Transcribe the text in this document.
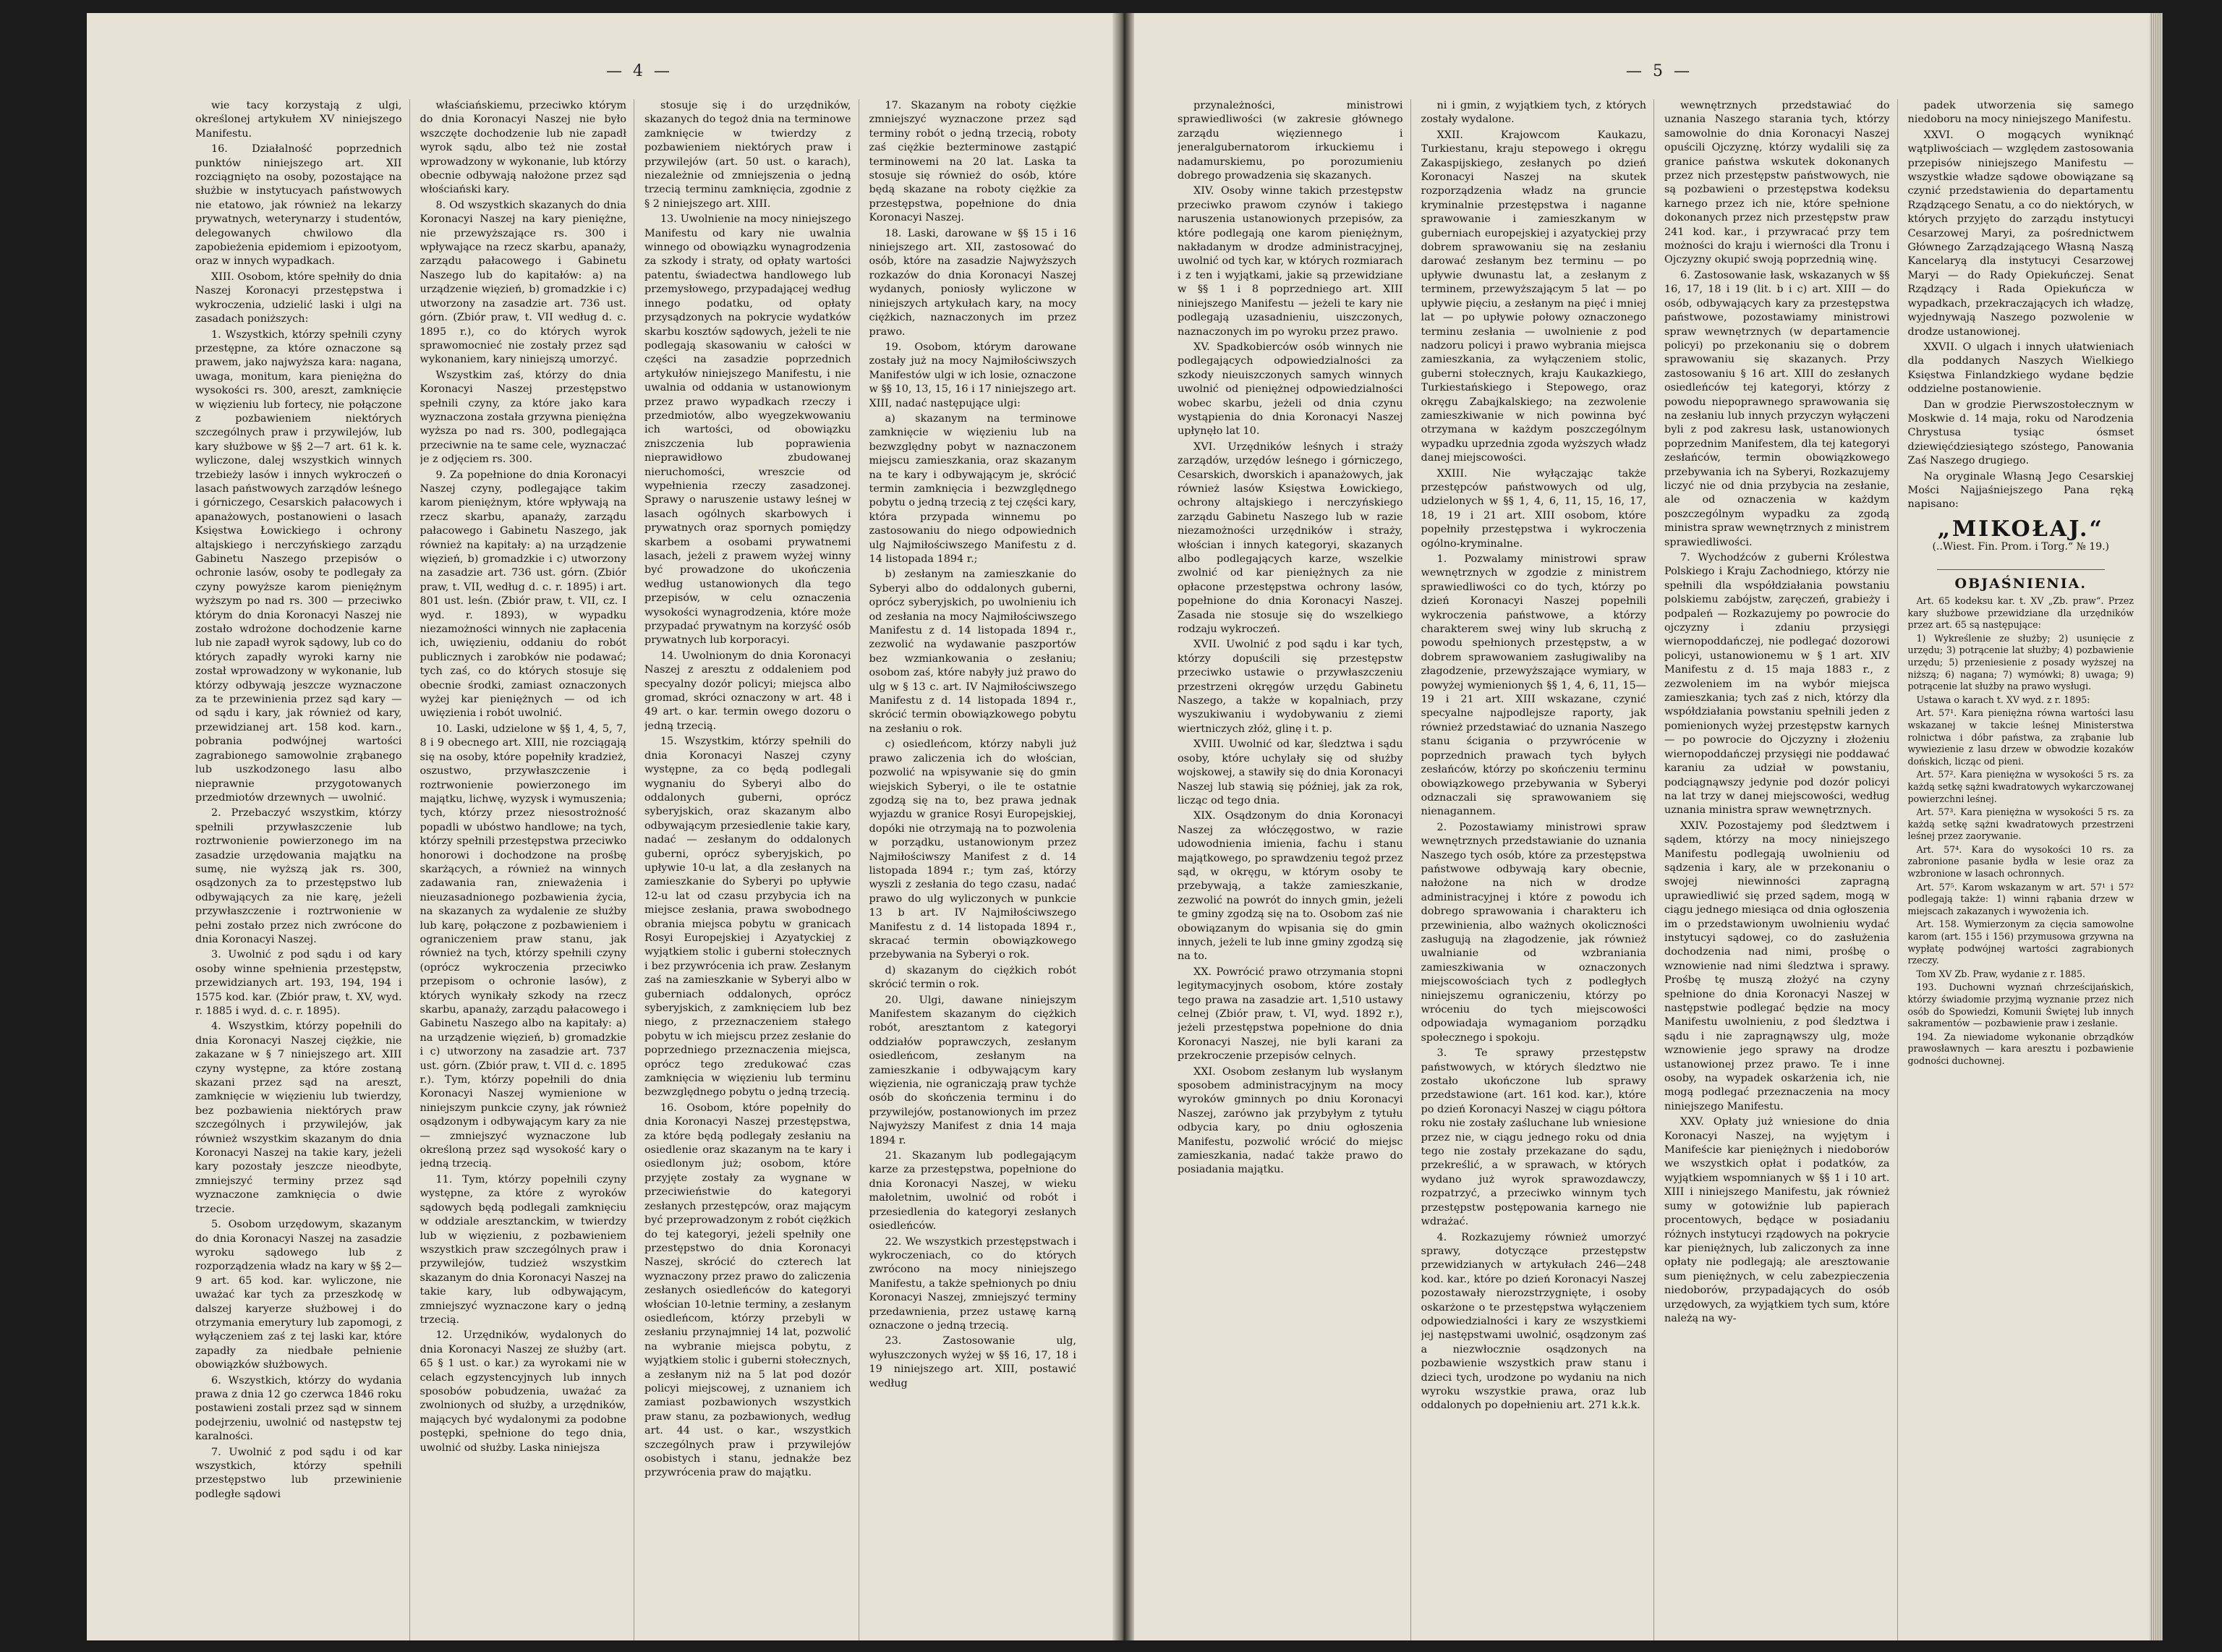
— 4 —

wie tacy korzystają z ulgi, określonej artykułem XV niniejszego Manifestu.

16. Działalność poprzednich punktów niniejszego art. XII rozciągnięto na osoby, pozostające na służbie w instytucyach państwowych nie etatowo, jak również na lekarzy prywatnych, weterynarzy i studentów, delegowanych chwilowo dla zapobieżenia epidemiom i epizootyom, oraz w innych wypadkach.

XIII. Osobom, które spełniły do dnia Naszej Koronacyi przestępstwa i wykroczenia, udzielić laski i ulgi na zasadach poniższych:

1. Wszystkich, którzy spełnili czyny przestępne, za które oznaczone są prawem, jako najwyższa kara: nagana, uwaga, monitum, kara pieniężna do wysokości rs. 300, areszt, zamknięcie w więzieniu lub fortecy, nie połączone z pozbawieniem niektórych szczególnych praw i przywilejów, lub kary służbowe w §§ 2—7 art. 61 k. k. wyliczone, dalej wszystkich winnych trzebieży lasów i innych wykroczeń o lasach państwowych zarządów leśnego i górniczego, Cesarskich pałacowych i apanażowych, postanowieni o lasach Księstwa Łowickiego i ochrony altajskiego i nerczyńskiego zarządu Gabinetu Naszego przepisów o ochronie lasów, osoby te podlegały za czyny powyższe karom pieniężnym wyższym po nad rs. 300 — przeciwko którym do dnia Koronacyi Naszej nie zostało wdrożone dochodzenie karne lub nie zapadł wyrok sądowy, lub co do których zapadły wyroki karny nie został wprowadzony w wykonanie, lub którzy odbywają jeszcze wyznaczone za te przewinienia przez sąd kary — od sądu i kary, jak również od kary, przewidzianej art. 158 kod. karn., pobrania podwójnej wartości zagrabionego samowolnie zrąbanego lub uszkodzonego lasu albo nieprawnie przygotowanych przedmiotów drzewnych — uwolnić.

2. Przebaczyć wszystkim, którzy spełnili przywłaszczenie lub roztrwonienie powierzonego im na zasadzie urzędowania majątku na sumę, nie wyższą jak rs. 300, osądzonych za to przestępstwo lub odbywających za nie karę, jeżeli przywłaszczenie i roztrwonienie w pełni zostało przez nich zwrócone do dnia Koronacyi Naszej.

3. Uwolnić z pod sądu i od kary osoby winne spełnienia przestępstw, przewidzianych art. 193, 194, 194 i 1575 kod. kar. (Zbiór praw, t. XV, wyd. r. 1885 i wyd. d. c. r. 1895).

4. Wszystkim, którzy popełnili do dnia Koronacyi Naszej ciężkie, nie zakazane w § 7 niniejszego art. XIII czyny występne, za które zostaną skazani przez sąd na areszt, zamknięcie w więzieniu lub twierdzy, bez pozbawienia niektórych praw szczególnych i przywilejów, jak również wszystkim skazanym do dnia Koronacyi Naszej na takie kary, jeżeli kary pozostały jeszcze nieodbyte, zmniejszyć terminy przez sąd wyznaczone zamknięcia o dwie trzecie.

5. Osobom urzędowym, skazanym do dnia Koronacyi Naszej na zasadzie wyroku sądowego lub z rozporządzenia władz na kary w §§ 2—9 art. 65 kod. kar. wyliczone, nie uważać kar tych za przeszkodę w dalszej karyerze służbowej i do otrzymania emerytury lub zapomogi, z wyłączeniem zaś z tej laski kar, które zapadły za niedbałe pełnienie obowiązków służbowych.

6. Wszystkich, którzy do wydania prawa z dnia 12 go czerwca 1846 roku postawieni zostali przez sąd w sinnem podejrzeniu, uwolnić od następstw tej karalności.

7. Uwolnić z pod sądu i od kar wszystkich, którzy spełnili przestępstwo lub przewinienie podległe sądowi

właściańskiemu, przeciwko którym do dnia Koronacyi Naszej nie było wszczęte dochodzenie lub nie zapadł wyrok sądu, albo też nie został wprowadzony w wykonanie, lub którzy obecnie odbywają nałożone przez sąd włościański kary.

8. Od wszystkich skazanych do dnia Koronacyi Naszej na kary pieniężne, nie przewyższające rs. 300 i wpływające na rzecz skarbu, apanaży, zarządu pałacowego i Gabinetu Naszego lub do kapitałów: a) na urządzenie więzień, b) gromadzkie i c) utworzony na zasadzie art. 736 ust. górn. (Zbiór praw, t. VII według d. c. 1895 r.), co do których wyrok sprawomocnieć nie zostały przez sąd wykonaniem, kary niniejszą umorzyć.

Wszystkim zaś, którzy do dnia Koronacyi Naszej przestępstwo spełnili czyny, za które jako kara wyznaczona została grzywna pieniężna wyższa po nad rs. 300, podlegająca przeciwnie na te same cele, wyznaczać je z odjęciem rs. 300.

9. Za popełnione do dnia Koronacyi Naszej czyny, podlegające takim karom pieniężnym, które wpływają na rzecz skarbu, apanaży, zarządu pałacowego i Gabinetu Naszego, jak również na kapitały: a) na urządzenie więzień, b) gromadzkie i c) utworzony na zasadzie art. 736 ust. górn. (Zbiór praw, t. VII, według d. c. r. 1895) i art. 801 ust. leśn. (Zbiór praw, t. VII, cz. I wyd. r. 1893), w wypadku niezamożności winnych nie zapłacenia ich, uwięzieniu, oddaniu do robót publicznych i zarobków nie podawać; tych zaś, co do których stosuje się obecnie środki, zamiast oznaczonych wyżej kar pieniężnych — od ich uwięzienia i robót uwolnić.

10. Laski, udzielone w §§ 1, 4, 5, 7, 8 i 9 obecnego art. XIII, nie rozciągają się na osoby, które popełniły kradzież, oszustwo, przywłaszczenie i roztrwonienie powierzonego im majątku, lichwę, wyzysk i wymuszenia; tych, którzy przez niesostrożność popadli w ubóstwo handlowe; na tych, którzy spełnili przestępstwa przeciwko honorowi i dochodzone na prośbę skarżących, a również na winnych zadawania ran, znieważenia i nieuzasadnionego pozbawienia życia, na skazanych za wydalenie ze służby lub karę, połączone z pozbawieniem i ograniczeniem praw stanu, jak również na tych, którzy spełnili czyny (oprócz wykroczenia przeciwko przepisom o ochronie lasów), z których wynikały szkody na rzecz skarbu, apanaży, zarządu pałacowego i Gabinetu Naszego albo na kapitały: a) na urządzenie więzień, b) gromadzkie i c) utworzony na zasadzie art. 737 ust. górn. (Zbiór praw, t. VII d. c. 1895 r.). Tym, którzy popełnili do dnia Koronacyi Naszej wymienione w niniejszym punkcie czyny, jak również osądzonym i odbywającym kary za nie — zmniejszyć wyznaczone lub określoną przez sąd wysokość kary o jedną trzecią.

11. Tym, którzy popełnili czyny występne, za które z wyroków sądowych będą podlegali zamknięciu w oddziale aresztanckim, w twierdzy lub w więzieniu, z pozbawieniem wszystkich praw szczególnych praw i przywilejów, tudzież wszystkim skazanym do dnia Koronacyi Naszej na takie kary, lub odbywającym, zmniejszyć wyznaczone kary o jedną trzecią.

12. Urzędników, wydalonych do dnia Koronacyi Naszej ze służby (art. 65 § 1 ust. o kar.) za wyrokami nie w celach egzystencyjnych lub innych sposobów pobudzenia, uważać za zwolnionych od służby, a urzędników, mających być wydalonymi za podobne postępki, spełnione do tego dnia, uwolnić od służby. Laska niniejsza

stosuje się i do urzędników, skazanych do tegoż dnia na terminowe zamknięcie w twierdzy z pozbawieniem niektórych praw i przywilejów (art. 50 ust. o karach), niezależnie od zmniejszenia o jedną trzecią terminu zamknięcia, zgodnie z § 2 niniejszego art. XIII.

13. Uwolnienie na mocy niniejszego Manifestu od kary nie uwalnia winnego od obowiązku wynagrodzenia za szkody i straty, od opłaty wartości patentu, świadectwa handlowego lub przemysłowego, przypadającej według innego podatku, od opłaty przysądzonych na pokrycie wydatków skarbu kosztów sądowych, jeżeli te nie podlegają skasowaniu w całości w części na zasadzie poprzednich artykułów niniejszego Manifestu, i nie uwalnia od oddania w ustanowionym przez prawo wypadkach rzeczy i przedmiotów, albo wyegzekwowaniu ich wartości, od obowiązku zniszczenia lub poprawienia nieprawidłowo zbudowanej nieruchomości, wreszcie od wypełnienia rzeczy zasadzonej. Sprawy o naruszenie ustawy leśnej w lasach ogólnych skarbowych i prywatnych oraz spornych pomiędzy skarbem a osobami prywatnemi lasach, jeżeli z prawem wyżej winny być prowadzone do ukończenia według ustanowionych dla tego przepisów, w celu oznaczenia wysokości wynagrodzenia, które może przypadać prywatnym na korzyść osób prywatnych lub korporacyi.

14. Uwolnionym do dnia Koronacyi Naszej z aresztu z oddaleniem pod specyalny dozór policyi; miejsca albo gromad, skróci oznaczony w art. 48 i 49 art. o kar. termin owego dozoru o jedną trzecią.

15. Wszystkim, którzy spełnili do dnia Koronacyi Naszej czyny występne, za co będą podlegali wygnaniu do Syberyi albo do oddalonych guberni, oprócz syberyjskich, oraz skazanym albo odbywającym przesiedlenie takie kary, nadać — zesłanym do oddalonych guberni, oprócz syberyjskich, po upływie 10-u lat, a dla zesłanych na zamieszkanie do Syberyi po upływie 12-u lat od czasu przybycia ich na miejsce zesłania, prawa swobodnego obrania miejsca pobytu w granicach Rosyi Europejskiej i Azyatyckiej z wyjątkiem stolic i guberni stołecznych i bez przywrócenia ich praw. Zesłanym zaś na zamieszkanie w Syberyi albo w guberniach oddalonych, oprócz syberyjskich, z zamknięciem lub bez niego, z przeznaczeniem stałego pobytu w ich miejscu przez zesłanie do poprzedniego przeznaczenia miejsca, oprócz tego zredukować czas zamknięcia w więzieniu lub terminu bezwzględnego pobytu o jedną trzecią.

16. Osobom, które popełniły do dnia Koronacyi Naszej przestępstwa, za które będą podlegały zesłaniu na osiedlenie oraz skazanym na te kary i osiedlonym już; osobom, które przyjęte zostały za wygnane w przeciwieństwie do kategoryi zesłanych przestępców, oraz mającym być przeprowadzonym z robót ciężkich do tej kategoryi, jeżeli spełniły one przestępstwo do dnia Koronacyi Naszej, skrócić do czterech lat wyznaczony przez prawo do zaliczenia zesłanych osiedleńców do kategoryi włościan 10-letnie terminy, a zesłanym osiedleńcom, którzy przebyli w zesłaniu przynajmniej 14 lat, pozwolić na wybranie miejsca pobytu, z wyjątkiem stolic i guberni stołecznych, a zesłanym niż na 5 lat pod dozór policyi miejscowej, z uznaniem ich zamiast pozbawionych wszystkich praw stanu, za pozbawionych, według art. 44 ust. o kar., wszystkich szczególnych praw i przywilejów osobistych i stanu, jednakże bez przywrócenia praw do majątku.

17. Skazanym na roboty ciężkie zmniejszyć wyznaczone przez sąd terminy robót o jedną trzecią, roboty zaś ciężkie bezterminowe zastąpić terminowemi na 20 lat. Laska ta stosuje się również do osób, które będą skazane na roboty ciężkie za przestępstwa, popełnione do dnia Koronacyi Naszej.

18. Laski, darowane w §§ 15 i 16 niniejszego art. XII, zastosować do osób, które na zasadzie Najwyższych rozkazów do dnia Koronacyi Naszej wydanych, poniosły wyliczone w niniejszych artykułach kary, na mocy ciężkich, naznaczonych im przez prawo.

19. Osobom, którym darowane zostały już na mocy Najmiłościwszych Manifestów ulgi w ich losie, oznaczone w §§ 10, 13, 15, 16 i 17 niniejszego art. XIII, nadać następujące ulgi:

a) skazanym na terminowe zamknięcie w więzieniu lub na bezwzględny pobyt w naznaczonem miejscu zamieszkania, oraz skazanym na te kary i odbywającym je, skrócić termin zamknięcia i bezwzględnego pobytu o jedną trzecią z tej części kary, która przypada winnemu po zastosowaniu do niego odpowiednich ulg Najmiłościwszego Manifestu z d. 14 listopada 1894 r.;

b) zesłanym na zamieszkanie do Syberyi albo do oddalonych guberni, oprócz syberyjskich, po uwolnieniu ich od zesłania na mocy Najmiłościwszego Manifestu z d. 14 listopada 1894 r., zezwolić na wydawanie paszportów bez wzmiankowania o zesłaniu; osobom zaś, które nabyły już prawo do ulg w § 13 c. art. IV Najmiłościwszego Manifestu z d. 14 listopada 1894 r., skrócić termin obowiązkowego pobytu na zesłaniu o rok.

c) osiedleńcom, którzy nabyli już prawo zaliczenia ich do włościan, pozwolić na wpisywanie się do gmin wiejskich Syberyi, o ile te ostatnie zgodzą się na to, bez prawa jednak wyjazdu w granice Rosyi Europejskiej, dopóki nie otrzymają na to pozwolenia w porządku, ustanowionym przez Najmiłościwszy Manifest z d. 14 listopada 1894 r.; tym zaś, którzy wyszli z zesłania do tego czasu, nadać prawo do ulg wyliczonych w punkcie 13 b art. IV Najmiłościwszego Manifestu z d. 14 listopada 1894 r., skracać termin obowiązkowego przebywania na Syberyi o rok.

d) skazanym do ciężkich robót skrócić termin o rok.

20. Ulgi, dawane niniejszym Manifestem skazanym do ciężkich robót, aresztantom z kategoryi oddziałów poprawczych, zesłanym osiedleńcom, zesłanym na zamieszkanie i odbywającym kary więzienia, nie ograniczają praw tychże osób do skończenia terminu i do przywilejów, postanowionych im przez Najwyższy Manifest z dnia 14 maja 1894 r.

21. Skazanym lub podlegającym karze za przestępstwa, popełnione do dnia Koronacyi Naszej, w wieku małoletnim, uwolnić od robót i przesiedlenia do kategoryi zesłanych osiedleńców.

22. We wszystkich przestępstwach i wykroczeniach, co do których zwrócono na mocy niniejszego Manifestu, a także spełnionych po dniu Koronacyi Naszej, zmniejszyć terminy przedawnienia, przez ustawę karną oznaczone o jedną trzecią.

23. Zastosowanie ulg, wyłuszczonych wyżej w §§ 16, 17, 18 i 19 niniejszego art. XIII, postawić według

— 5 —

przynależności, ministrowi sprawiedliwości (w zakresie głównego zarządu więziennego i jeneralgubernatorom irkuckiemu i nadamurskiemu, po porozumieniu dobrego prowadzenia się skazanych.

XIV. Osoby winne takich przestępstw przeciwko prawom czynów i takiego naruszenia ustanowionych przepisów, za które podlegają one karom pieniężnym, nakładanym w drodze administracyjnej, uwolnić od tych kar, w których rozmiarach i z ten i wyjątkami, jakie są przewidziane w §§ 1 i 8 poprzedniego art. XIII niniejszego Manifestu — jeżeli te kary nie podlegają uzasadnieniu, uiszczonych, naznaczonych im po wyroku przez prawo.

XV. Spadkobierców osób winnych nie podlegających odpowiedzialności za szkody nieuiszczonych samych winnych uwolnić od pieniężnej odpowiedzialności wobec skarbu, jeżeli od dnia czynu wystąpienia do dnia Koronacyi Naszej upłynęło lat 10.

XVI. Urzędników leśnych i straży zarządów, urzędów leśnego i górniczego, Cesarskich, dworskich i apanażowych, jak również lasów Księstwa Łowickiego, ochrony altajskiego i nerczyńskiego zarządu Gabinetu Naszego lub w razie niezamożności urzędników i straży, włościan i innych kategoryi, skazanych albo podlegających karze, wszelkie zwolnić od kar pieniężnych za nie opłacone przestępstwa ochrony lasów, popełnione do dnia Koronacyi Naszej. Zasada nie stosuje się do wszelkiego rodzaju wykroczeń.

XVII. Uwolnić z pod sądu i kar tych, którzy dopuścili się przestępstw przeciwko ustawie o przywłaszczeniu przestrzeni okręgów urzędu Gabinetu Naszego, a także w kopalniach, przy wyszukiwaniu i wydobywaniu z ziemi wiertniczych złóż, glinę i t. p.

XVIII. Uwolnić od kar, śledztwa i sądu osoby, które uchylały się od służby wojskowej, a stawiły się do dnia Koronacyi Naszej lub stawią się później, jak za rok, licząc od tego dnia.

XIX. Osądzonym do dnia Koronacyi Naszej za włóczęgostwo, w razie udowodnienia imienia, fachu i stanu majątkowego, po sprawdzeniu tegoż przez sąd, w okręgu, w którym osoby te przebywają, a także zamieszkanie, zezwolić na powrót do innych gmin, jeżeli te gminy zgodzą się na to. Osobom zaś nie obowiązanym do wpisania się do gmin innych, jeżeli te lub inne gminy zgodzą się na to.

XX. Powrócić prawo otrzymania stopni legitymacyjnych osobom, które zostały tego prawa na zasadzie art. 1,510 ustawy celnej (Zbiór praw, t. VI, wyd. 1892 r.), jeżeli przestępstwa popełnione do dnia Koronacyi Naszej, nie byli karani za przekroczenie przepisów celnych.

XXI. Osobom zesłanym lub wysłanym sposobem administracyjnym na mocy wyroków gminnych po dniu Koronacyi Naszej, zarówno jak przybyłym z tytułu odbycia kary, po dniu ogłoszenia Manifestu, pozwolić wrócić do miejsc zamieszkania, nadać także prawo do posiadania majątku.

ni i gmin, z wyjątkiem tych, z których zostały wydalone.

XXII. Krajowcom Kaukazu, Turkiestanu, kraju stepowego i okręgu Zakaspijskiego, zesłanych po dzień Koronacyi Naszej na skutek rozporządzenia władz na gruncie kryminalnie przestępstwa i naganne sprawowanie i zamieszkanym w guberniach europejskiej i azyatyckiej przy dobrem sprawowaniu się na zesłaniu darować zesłanym bez terminu — po upływie dwunastu lat, a zesłanym z terminem, przewyższającym 5 lat — po upływie pięciu, a zesłanym na pięć i mniej lat — po upływie połowy oznaczonego terminu zesłania — uwolnienie z pod nadzoru policyi i prawo wybrania miejsca zamieszkania, za wyłączeniem stolic, guberni stołecznych, kraju Kaukazkiego, Turkiestańskiego i Stepowego, oraz okręgu Zabajkalskiego; na zezwolenie zamieszkiwanie w nich powinna być otrzymana w każdym poszczególnym wypadku uprzednia zgoda wyższych władz danej miejscowości.

XXIII. Nie wyłączając także przestępców państwowych od ulg, udzielonych w §§ 1, 4, 6, 11, 15, 16, 17, 18, 19 i 21 art. XIII osobom, które popełniły przestępstwa i wykroczenia ogólno-kryminalne.

1. Pozwalamy ministrowi spraw wewnętrznych w zgodzie z ministrem sprawiedliwości co do tych, którzy po dzień Koronacyi Naszej popełnili wykroczenia państwowe, a którzy charakterem swej winy lub skruchą z powodu spełnionych przestępstw, a w dobrem sprawowaniem zasługiwaliby na złagodzenie, przewyższające wymiary, w powyżej wymienionych §§ 1, 4, 6, 11, 15—19 i 21 art. XIII wskazane, czynić specyalne najpodlejsze raporty, jak również przedstawiać do uznania Naszego stanu ścigania o przywrócenie w poprzednich prawach tych byłych zesłańców, którzy po skończeniu terminu obowiązkowego przebywania w Syberyi odznaczali się sprawowaniem się nienagannem.

2. Pozostawiamy ministrowi spraw wewnętrznych przedstawianie do uznania Naszego tych osób, które za przestępstwa państwowe odbywają kary obecnie, nałożone na nich w drodze administracyjnej i które z powodu ich dobrego sprawowania i charakteru ich przewinienia, albo ważnych okoliczności zasługują na złagodzenie, jak również uwalnianie od wzbraniania zamieszkiwania w oznaczonych miejscowościach tych z podległych niniejszemu ograniczeniu, którzy po wróceniu do tych miejscowości odpowiadaja wymaganiom porządku społecznego i spokoju.

3. Te sprawy przestępstw państwowych, w których śledztwo nie zostało ukończone lub sprawy przedstawione (art. 161 kod. kar.), które po dzień Koronacyi Naszej w ciągu półtora roku nie zostały zaśluchane lub wniesione przez nie, w ciągu jednego roku od dnia tego nie zostały przekazane do sądu, przekreślić, a w sprawach, w których wydano już wyrok sprawozdawczy, rozpatrzyć, a przeciwko winnym tych przestępstw postępowania karnego nie wdrażać.

4. Rozkazujemy również umorzyć sprawy, dotyczące przestępstw przewidzianych w artykułach 246—248 kod. kar., które po dzień Koronacyi Naszej pozostawały nierozstrzygnięte, i osoby oskarżone o te przestępstwa wyłączeniem odpowiedzialności i kary ze wszystkiemi jej następstwami uwolnić, osądzonym zaś a niezwłocznie osądzonych na pozbawienie wszystkich praw stanu i dzieci tych, urodzone po wydaniu na nich wyroku wszystkie prawa, oraz lub oddalonych po dopełnieniu art. 271 k.k.k.

wewnętrznych przedstawiać do uznania Naszego starania tych, którzy samowolnie do dnia Koronacyi Naszej opuścili Ojczyznę, którzy wydalili się za granice państwa wskutek dokonanych przez nich przestępstw państwowych, nie są pozbawieni o przestępstwa kodeksu karnego przez ich nie, które spełnione dokonanych przez nich przestępstw praw 241 kod. kar., i przywracać przy tem możności do kraju i wierności dla Tronu i Ojczyzny okupić swoją poprzednią winę.

6. Zastosowanie łask, wskazanych w §§ 16, 17, 18 i 19 (lit. b i c) art. XIII — do osób, odbywających kary za przestępstwa państwowe, pozostawiamy ministrowi spraw wewnętrznych (w departamencie policyi) po przekonaniu się o dobrem sprawowaniu się skazanych. Przy zastosowaniu § 16 art. XIII do zesłanych osiedleńców tej kategoryi, którzy z powodu niepoprawnego sprawowania się na zesłaniu lub innych przyczyn wyłączeni byli z pod zakresu łask, ustanowionych poprzednim Manifestem, dla tej kategoryi zesłańców, termin obowiązkowego przebywania ich na Syberyi, Rozkazujemy liczyć nie od dnia przybycia na zesłanie, ale od oznaczenia w każdym poszczególnym wypadku za zgodą ministra spraw wewnętrznych z ministrem sprawiedliwości.

7. Wychodźców z guberni Królestwa Polskiego i Kraju Zachodniego, którzy nie spełnili dla współdziałania powstaniu polskiemu zabójstw, zaręczeń, grabieży i podpaleń — Rozkazujemy po powrocie do ojczyzny i zdaniu przysięgi wiernopoddańczej, nie podlegać dozorowi policyi, ustanowionemu w § 1 art. XIV Manifestu z d. 15 maja 1883 r., z zezwoleniem im na wybór miejsca zamieszkania; tych zaś z nich, którzy dla współdziałania powstaniu spełnili jeden z pomienionych wyżej przestępstw karnych — po powrocie do Ojczyzny i złożeniu wiernopoddańczej przysięgi nie poddawać karaniu za udział w powstaniu, podciągnąwszy jedynie pod dozór policyi na lat trzy w danej miejscowości, według uznania ministra spraw wewnętrznych.

XXIV. Pozostajemy pod śledztwem i sądem, którzy na mocy niniejszego Manifestu podlegają uwolnieniu od sądzenia i kary, ale w przekonaniu o swojej niewinności zapragną uprawiedliwić się przed sądem, mogą w ciągu jednego miesiąca od dnia ogłoszenia im o przedstawionym uwolnieniu wydać instytucyi sądowej, co do zasłużenia dochodzenia nad nimi, prośbę o wznowienie nad nimi śledztwa i sprawy. Prośbę tę muszą złożyć na czyny spełnione do dnia Koronacyi Naszej w następstwie podlegać będzie na mocy Manifestu uwolnieniu, z pod śledztwa i sądu i nie zapragnąwszy ulg, może wznowienie jego sprawy na drodze ustanowionej przez prawo. Te i inne osoby, na wypadek oskarżenia ich, nie mogą podlegać przeznaczenia na mocy niniejszego Manifestu.

XXV. Opłaty już wniesione do dnia Koronacyi Naszej, na wyjętym i Manifeście kar pieniężnych i niedoborów we wszystkich opłat i podatków, za wyjątkiem wspomnianych w §§ 1 i 10 art. XIII i niniejszego Manifestu, jak również sumy w gotowiźnie lub papierach procentowych, będące w posiadaniu różnych instytucyi rządowych na pokrycie kar pieniężnych, lub zaliczonych za inne opłaty nie podlegają; ale aresztowanie sum pieniężnych, w celu zabezpieczenia niedoborów, przypadających do osób urzędowych, za wyjątkiem tych sum, które należą na wy-

padek utworzenia się samego niedoboru na mocy niniejszego Manifestu.

XXVI. O mogących wyniknąć wątpliwościach — względem zastosowania przepisów niniejszego Manifestu — wszystkie władze sądowe obowiązane są czynić przedstawienia do departamentu Rządzącego Senatu, a co do niektórych, w których przyjęto do zarządu instytucyi Cesarzowej Maryi, za pośrednictwem Głównego Zarządzającego Własną Naszą Kancelaryą dla instytucyi Cesarzowej Maryi — do Rady Opiekuńczej. Senat Rządzący i Rada Opiekuńcza w wypadkach, przekraczających ich władzę, wyjednywają Naszego pozwolenie w drodze ustanowionej.

XXVII. O ulgach i innych ułatwieniach dla poddanych Naszych Wielkiego Księstwa Finlandzkiego wydane będzie oddzielne postanowienie.

Dan w grodzie Pierwszostołecznym w Moskwie d. 14 maja, roku od Narodzenia Chrystusa tysiąc ósmset dziewięćdziesiątego szóstego, Panowania Zaś Naszego drugiego.

Na oryginale Własną Jego Cesarskiej Mości Najjaśniejszego Pana ręką napisano:

„MIKOŁAJ.“
(..Wiest. Fin. Prom. i Torg.“ № 19.)
OBJAŚNIENIA.

Art. 65 kodeksu kar. t. XV „Zb. praw“. Przez kary służbowe przewidziane dla urzędników przez art. 65 są następujące:

1) Wykreślenie ze służby; 2) usunięcie z urzędu; 3) potrącenie lat służby; 4) pozbawienie urzędu; 5) przeniesienie z posady wyższej na niższą; 6) nagana; 7) wymówki; 8) uwaga; 9) potrącenie lat służby na prawo wysługi.

Ustawa o karach t. XV wyd. z r. 1895:

Art. 57¹. Kara pieniężna równa wartości lasu wskazanej w takcie leśnej Ministerstwa rolnictwa i dóbr państwa, za zrąbanie lub wywiezienie z lasu drzew w obwodzie kozaków dońskich, licząc od pieni.

Art. 57². Kara pieniężna w wysokości 5 rs. za każdą setkę sążni kwadratowych wykarczowanej powierzchni leśnej.

Art. 57³. Kara pieniężna w wysokości 5 rs. za każdą setkę sążni kwadratowych przestrzeni leśnej przez zaorywanie.

Art. 57⁴. Kara do wysokości 10 rs. za zabronione pasanie bydła w lesie oraz za wzbronione w lasach ochronnych.

Art. 57⁵. Karom wskazanym w art. 57¹ i 57² podlegają także: 1) winni rąbania drzew w miejscach zakazanych i wywożenia ich.

Art. 158. Wymierzonym za cięcia samowolne karom (art. 155 i 156) przymusowa grzywna na wypłatę podwójnej wartości zagrabionych rzeczy.

Tom XV Zb. Praw, wydanie z r. 1885.

193. Duchowni wyznań chrześcijańskich, którzy świadomie przyjmą wyznanie przez nich osób do Spowiedzi, Komunii Świętej lub innych sakramentów — pozbawienie praw i zesłanie.

194. Za niewiadome wykonanie obrządków prawosławnych — kara aresztu i pozbawienie godności duchownej.
